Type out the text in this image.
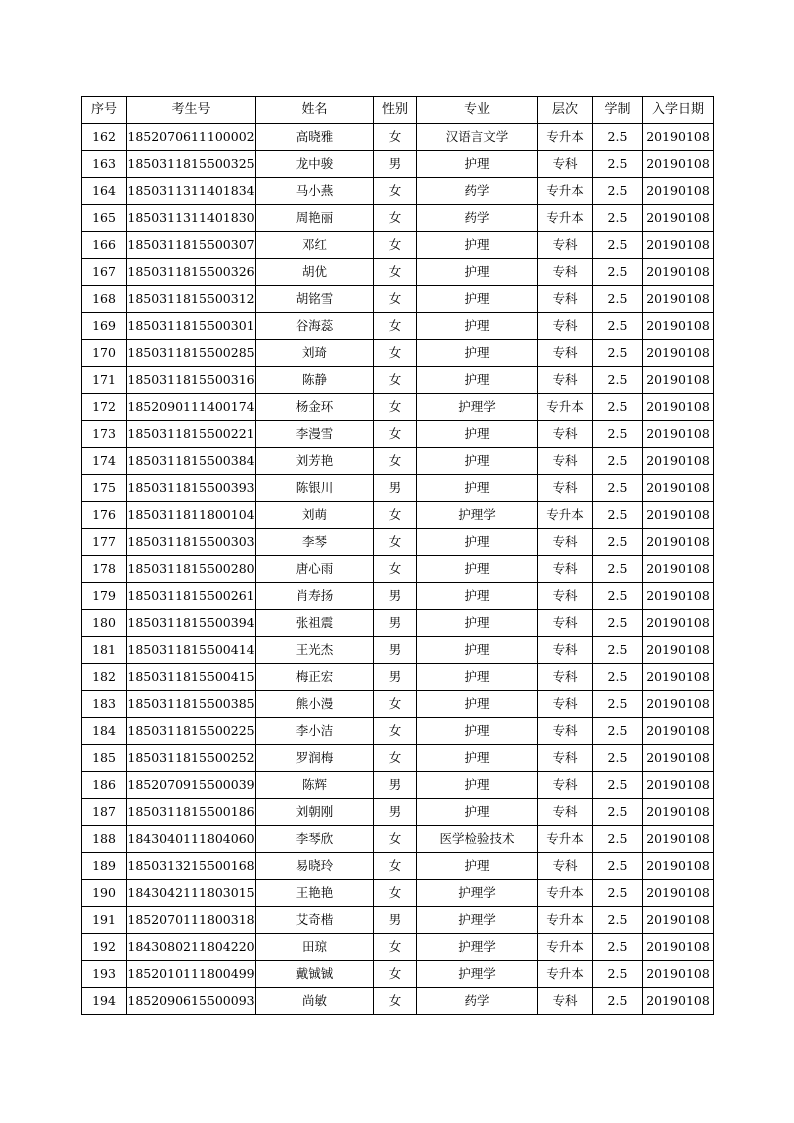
序号	考生号	姓名	性别	专业	层次	学制	入学日期
162	1852070611100002	高晓雅	女	汉语言文学	专升本	2.5	20190108
163	1850311815500325	龙中骏	男	护理	专科	2.5	20190108
164	1850311311401834	马小燕	女	药学	专升本	2.5	20190108
165	1850311311401830	周艳丽	女	药学	专升本	2.5	20190108
166	1850311815500307	邓红	女	护理	专科	2.5	20190108
167	1850311815500326	胡优	女	护理	专科	2.5	20190108
168	1850311815500312	胡铭雪	女	护理	专科	2.5	20190108
169	1850311815500301	谷海蕊	女	护理	专科	2.5	20190108
170	1850311815500285	刘琦	女	护理	专科	2.5	20190108
171	1850311815500316	陈静	女	护理	专科	2.5	20190108
172	1852090111400174	杨金环	女	护理学	专升本	2.5	20190108
173	1850311815500221	李漫雪	女	护理	专科	2.5	20190108
174	1850311815500384	刘芳艳	女	护理	专科	2.5	20190108
175	1850311815500393	陈银川	男	护理	专科	2.5	20190108
176	1850311811800104	刘萌	女	护理学	专升本	2.5	20190108
177	1850311815500303	李琴	女	护理	专科	2.5	20190108
178	1850311815500280	唐心雨	女	护理	专科	2.5	20190108
179	1850311815500261	肖寿扬	男	护理	专科	2.5	20190108
180	1850311815500394	张祖震	男	护理	专科	2.5	20190108
181	1850311815500414	王光杰	男	护理	专科	2.5	20190108
182	1850311815500415	梅正宏	男	护理	专科	2.5	20190108
183	1850311815500385	熊小漫	女	护理	专科	2.5	20190108
184	1850311815500225	李小洁	女	护理	专科	2.5	20190108
185	1850311815500252	罗润梅	女	护理	专科	2.5	20190108
186	1852070915500039	陈辉	男	护理	专科	2.5	20190108
187	1850311815500186	刘朝刚	男	护理	专科	2.5	20190108
188	1843040111804060	李琴欣	女	医学检验技术	专升本	2.5	20190108
189	1850313215500168	易晓玲	女	护理	专科	2.5	20190108
190	1843042111803015	王艳艳	女	护理学	专升本	2.5	20190108
191	1852070111800318	艾奇楷	男	护理学	专升本	2.5	20190108
192	1843080211804220	田琼	女	护理学	专升本	2.5	20190108
193	1852010111800499	戴铖铖	女	护理学	专升本	2.5	20190108
194	1852090615500093	尚敏	女	药学	专科	2.5	20190108
